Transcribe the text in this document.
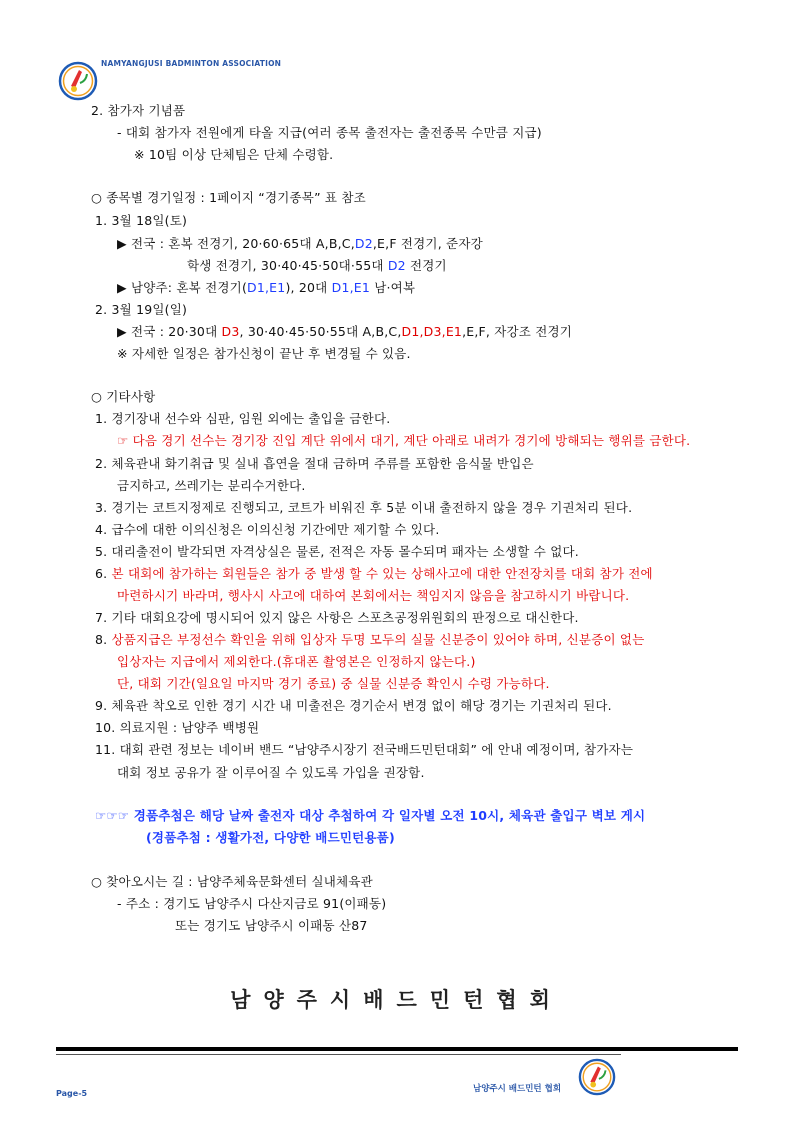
NAMYANGJUSI BADMINTON ASSOCIATION
2. 참가자 기념품
- 대회 참가자 전원에게 타올 지급(여러 종목 출전자는 출전종목 수만큼 지급)
※ 10팀 이상 단체팀은 단체 수령함.
○ 종목별 경기일정 : 1페이지 “경기종목” 표 참조
1. 3월 18일(토)
▶ 전국 : 혼복 전경기, 20·60·65대 A,B,C,D2,E,F 전경기, 준자강
학생 전경기, 30·40·45·50대·55대 D2 전경기
▶ 남양주: 혼복 전경기(D1,E1), 20대 D1,E1 남·여복
2. 3월 19일(일)
▶ 전국 : 20·30대 D3, 30·40·45·50·55대 A,B,C,D1,D3,E1,E,F, 자강조 전경기
※ 자세한 일정은 참가신청이 끝난 후 변경될 수 있음.
○ 기타사항
1. 경기장내 선수와 심판, 임원 외에는 출입을 금한다.
☞ 다음 경기 선수는 경기장 진입 계단 위에서 대기, 계단 아래로 내려가 경기에 방해되는 행위를 금한다.
2. 체육관내 화기취급 및 실내 흡연을 절대 금하며 주류를 포함한 음식물 반입은
금지하고, 쓰레기는 분리수거한다.
3. 경기는 코트지정제로 진행되고, 코트가 비워진 후 5분 이내 출전하지 않을 경우 기권처리 된다.
4. 급수에 대한 이의신청은 이의신청 기간에만 제기할 수 있다.
5. 대리출전이 발각되면 자격상실은 물론, 전적은 자동 몰수되며 패자는 소생할 수 없다.
6. 본 대회에 참가하는 회원들은 참가 중 발생 할 수 있는 상해사고에 대한 안전장치를 대회 참가 전에
마련하시기 바라며, 행사시 사고에 대하여 본회에서는 책임지지 않음을 참고하시기 바랍니다.
7. 기타 대회요강에 명시되어 있지 않은 사항은 스포츠공정위원회의 판정으로 대신한다.
8. 상품지급은 부정선수 확인을 위해 입상자 두명 모두의 실물 신분증이 있어야 하며, 신분증이 없는
입상자는 지급에서 제외한다.(휴대폰 촬영본은 인정하지 않는다.)
단, 대회 기간(일요일 마지막 경기 종료) 중 실물 신분증 확인시 수령 가능하다.
9. 체육관 착오로 인한 경기 시간 내 미출전은 경기순서 변경 없이 해당 경기는 기권처리 된다.
10. 의료지원 : 남양주 백병원
11. 대회 관련 정보는 네이버 밴드 “남양주시장기 전국배드민턴대회” 에 안내 예정이며, 참가자는
대회 정보 공유가 잘 이루어질 수 있도록 가입을 권장함.
☞☞☞ 경품추첨은 해당 날짜 출전자 대상 추첨하여 각 일자별 오전 10시, 체육관 출입구 벽보 게시
(경품추첨 : 생활가전, 다양한 배드민턴용품)
○ 찾아오시는 길 : 남양주체육문화센터 실내체육관
- 주소 : 경기도 남양주시 다산지금로 91(이패동)
또는 경기도 남양주시 이패동 산87
남양주시배드민턴협회
Page-5	남양주시 배드민턴 협회
